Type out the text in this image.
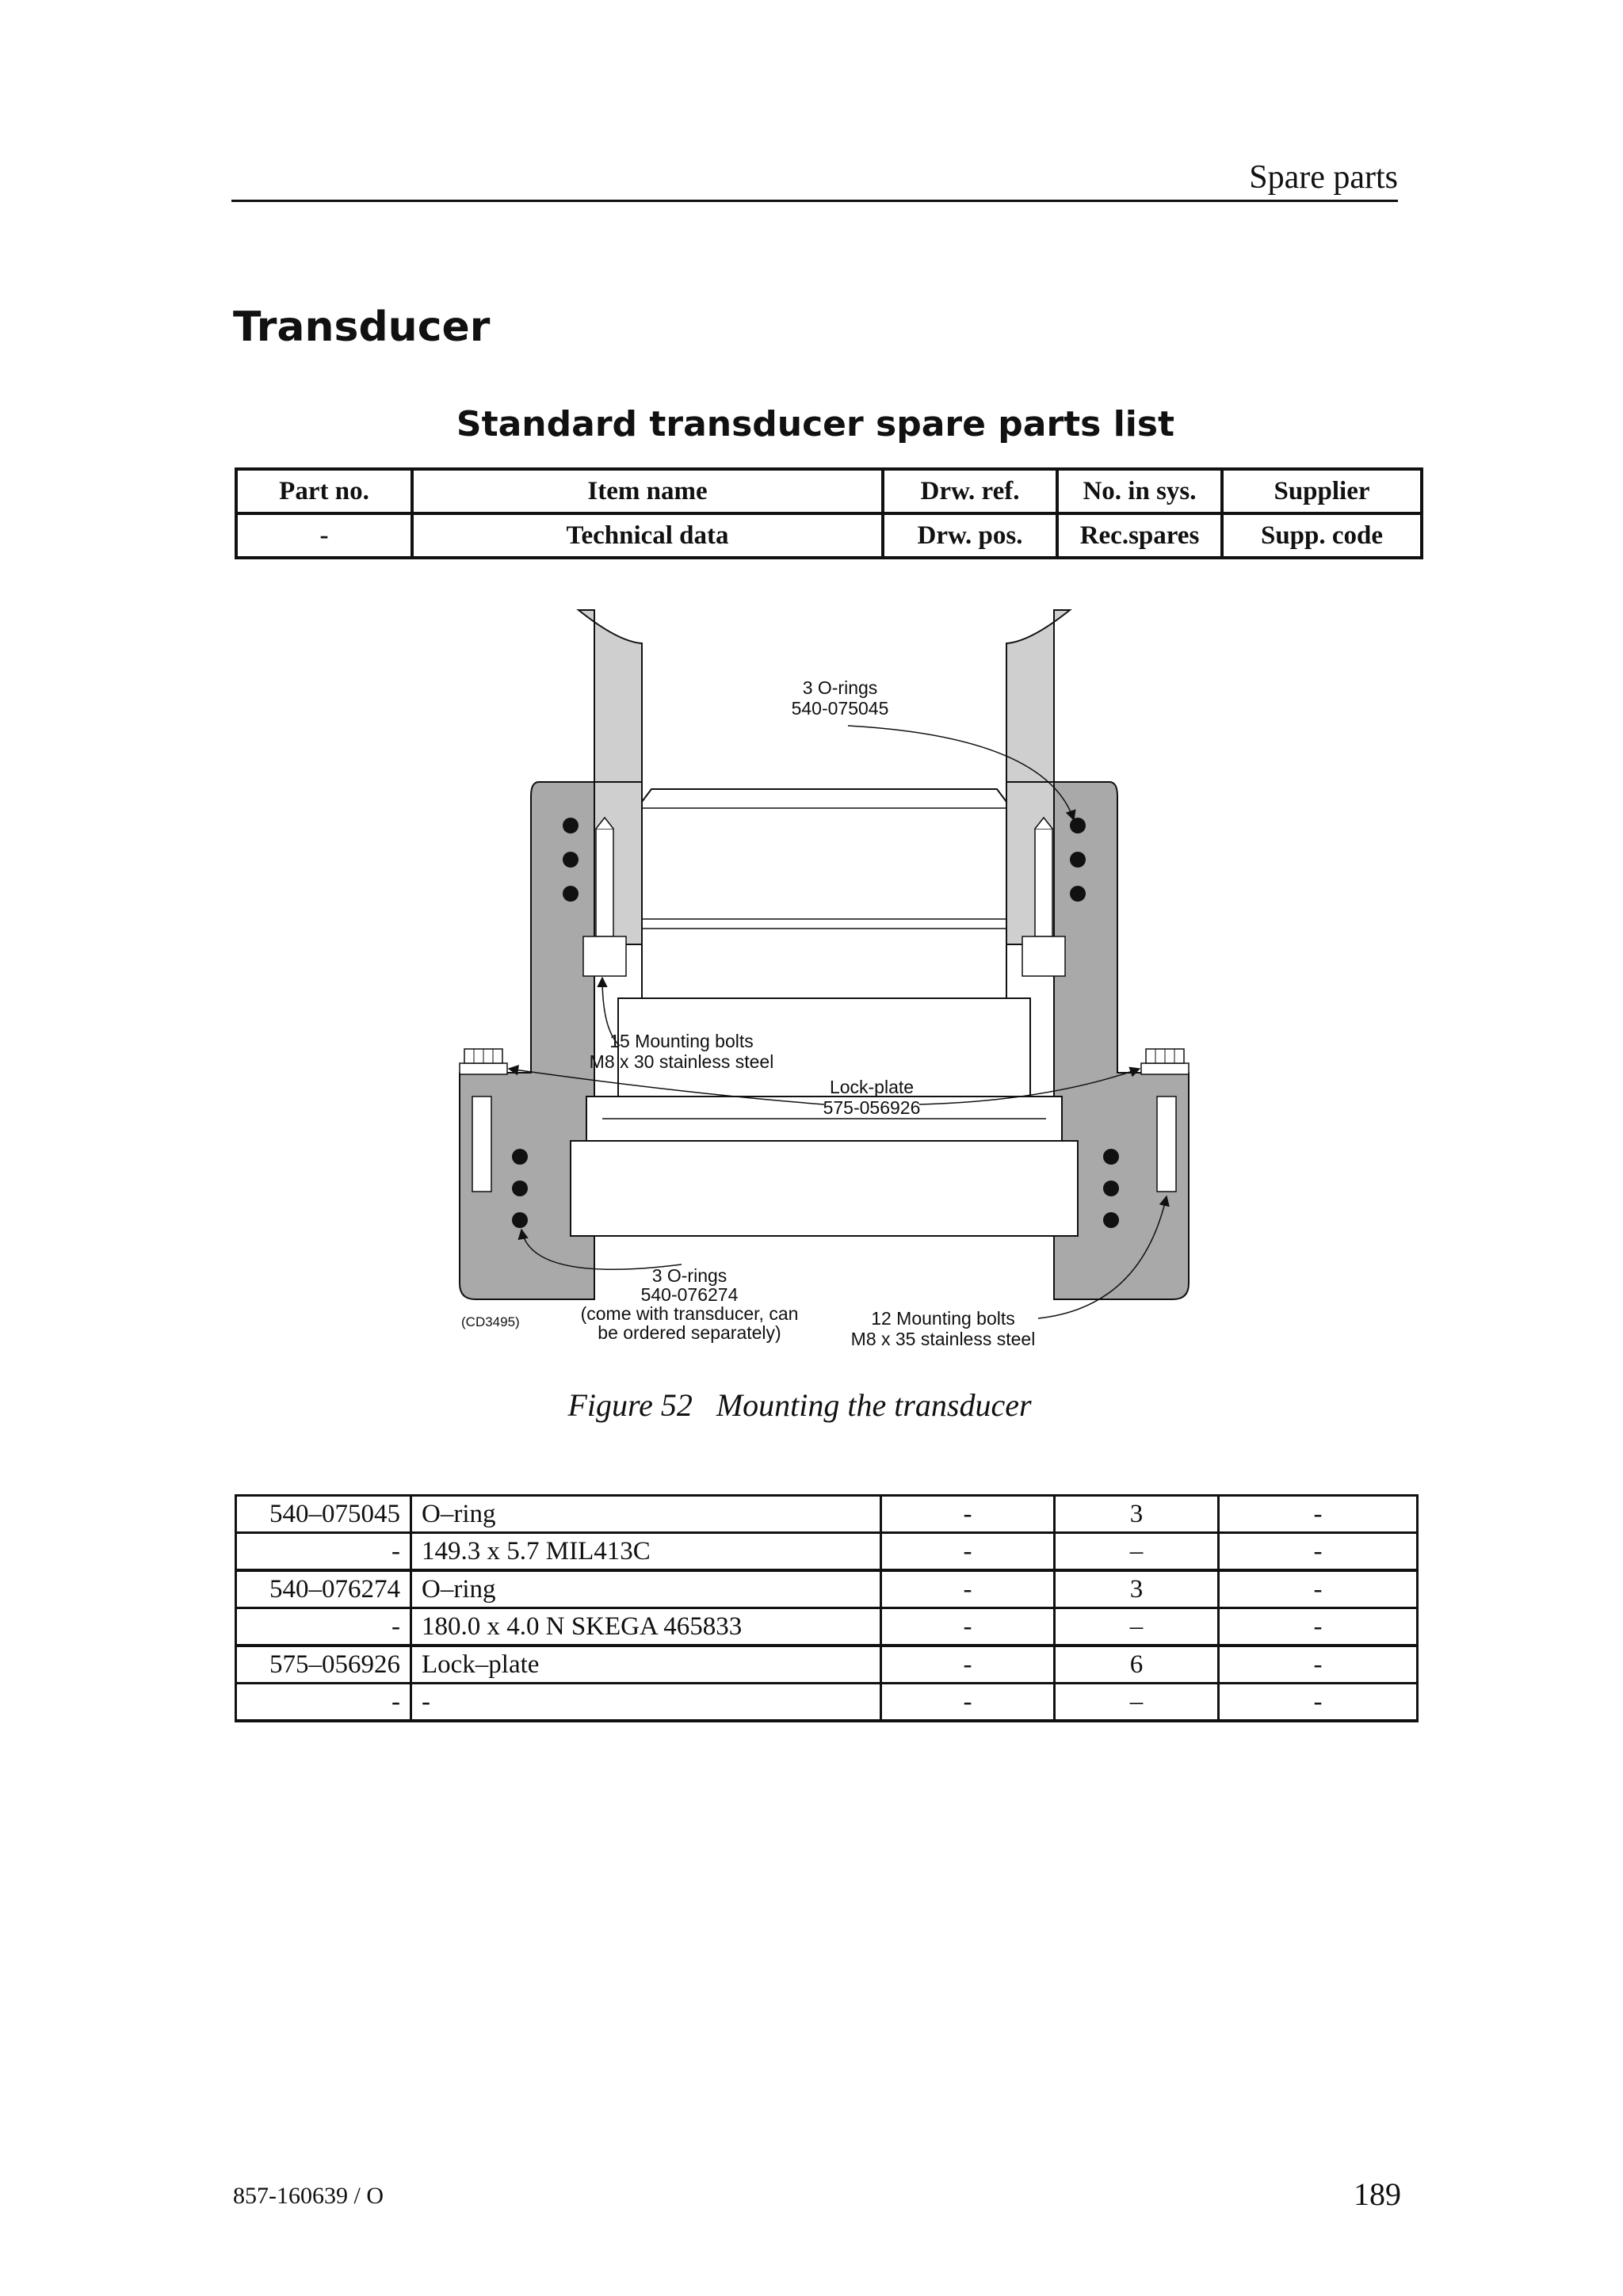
Spare parts
Transducer
Standard transducer spare parts list
Part no.	Item name	Drw. ref.	No. in sys.	Supplier
-	Technical data	Drw. pos.	Rec.spares	Supp. code
3 O-rings
540-075045
15 Mounting bolts
M8 x 30 stainless steel
Lock-plate
575-056926
3 O-rings
540-076274
(come with transducer, can
be ordered separately)
12 Mounting bolts
M8 x 35 stainless steel
(CD3495)
Figure 52 Mounting the transducer
540–075045	O–ring	-	3	-
-	149.3 x 5.7 MIL413C	-	–	-
540–076274	O–ring	-	3	-
-	180.0 x 4.0 N SKEGA 465833	-	–	-
575–056926	Lock–plate	-	6	-
-	-	-	–	-
857-160639 / O	189
